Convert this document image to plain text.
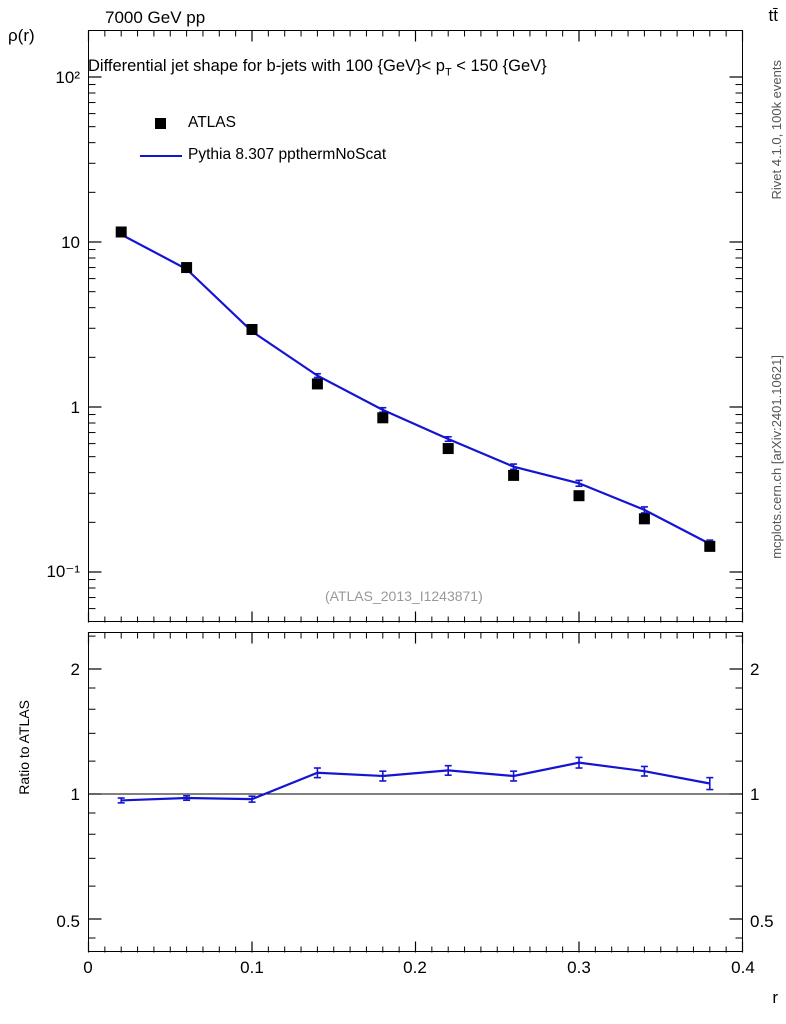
7000 GeV pp	tt̄
ρ(r)
Differential jet shape for b-jets with 100 $\{GeV\}< p_T < 150$ {GeV}	Rivet 4.1.0, 100k events
mcplots.cern.ch [arXiv:2401.10621]
(ATLAS_2013_I1243871)
Ratio to ATLAS
r
ATLAS
Pythia 8.307 ppthermNoScat
10²
10
1
10⁻¹
2
1
0.5
2
1
0.5
0	0.1	0.2	0.3	0.4
